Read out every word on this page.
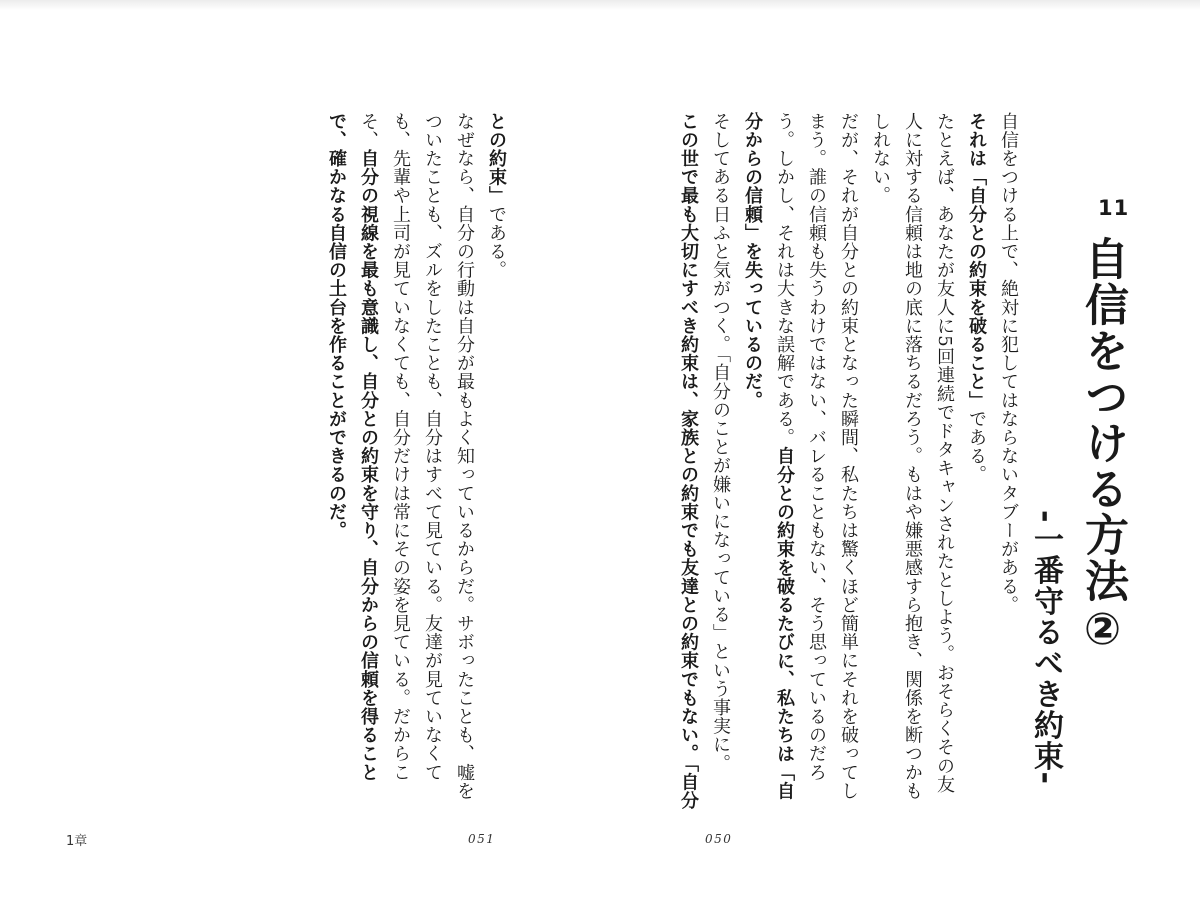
との約束」である。

なぜなら、自分の行動は自分が最もよく知っているからだ。サボったことも、嘘をついたことも、ズルをしたことも、自分はすべて見ている。友達が見ていなくても、先輩や上司が見ていなくても、自分だけは常にその姿を見ている。だからこそ、自分の視線を最も意識し、自分との約束を守り、自分からの信頼を得ることで、確かなる自信の土台を作ることができるのだ。

1章	051
11
自信をつける方法②
-一番守るべき約束-

自信をつける上で、絶対に犯してはならないタブーがある。

それは「自分との約束を破ること」である。

たとえば、あなたが友人に5回連続でドタキャンされたとしよう。おそらくその友人に対する信頼は地の底に落ちるだろう。もはや嫌悪感すら抱き、関係を断つかもしれない。

だが、それが自分との約束となった瞬間、私たちは驚くほど簡単にそれを破ってしまう。誰の信頼も失うわけではない、バレることもない、そう思っているのだろう。しかし、それは大きな誤解である。自分との約束を破るたびに、私たちは「自分からの信頼」を失っているのだ。

そしてある日ふと気がつく。「自分のことが嫌いになっている」という事実に。

この世で最も大切にすべき約束は、家族との約束でも友達との約束でもない。「自分

050
